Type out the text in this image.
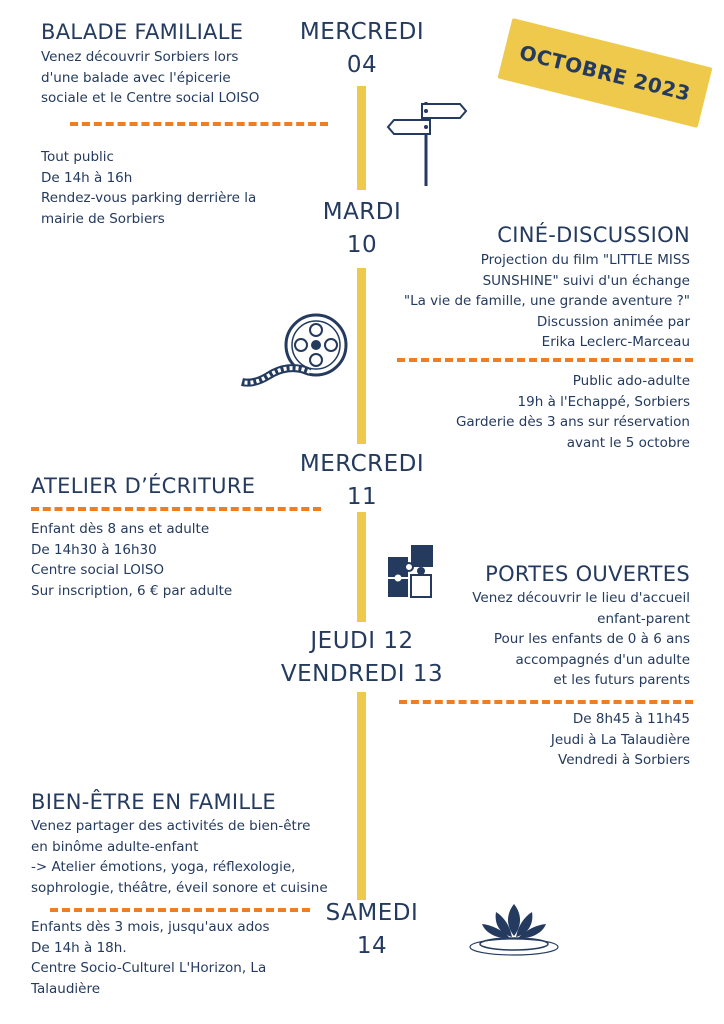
OCTOBRE 2023
MERCREDI
04
MARDI
10
MERCREDI
11
JEUDI 12
VENDREDI 13
SAMEDI
14
BALADE FAMILIALE
Venez découvrir Sorbiers lors
d'une balade avec l'épicerie
sociale et le Centre social LOISO
Tout public
De 14h à 16h
Rendez-vous parking derrière la
mairie de Sorbiers
CINÉ-DISCUSSION
Projection du film "LITTLE MISS
SUNSHINE" suivi d'un échange
"La vie de famille, une grande aventure ?"
Discussion animée par
Erika Leclerc-Marceau
Public ado-adulte
19h à l'Echappé, Sorbiers
Garderie dès 3 ans sur réservation
avant le 5 octobre
ATELIER D’ÉCRITURE
Enfant dès 8 ans et adulte
De 14h30 à 16h30
Centre social LOISO
Sur inscription, 6 € par adulte
PORTES OUVERTES
Venez découvrir le lieu d'accueil
enfant-parent
Pour les enfants de 0 à 6 ans
accompagnés d'un adulte
et les futurs parents
De 8h45 à 11h45
Jeudi à La Talaudière
Vendredi à Sorbiers
BIEN-ÊTRE EN FAMILLE
Venez partager des activités de bien-être
en binôme adulte-enfant
-> Atelier émotions, yoga, réflexologie,
sophrologie, théâtre, éveil sonore et cuisine
Enfants dès 3 mois, jusqu'aux ados
De 14h à 18h.
Centre Socio-Culturel L'Horizon, La
Talaudière
